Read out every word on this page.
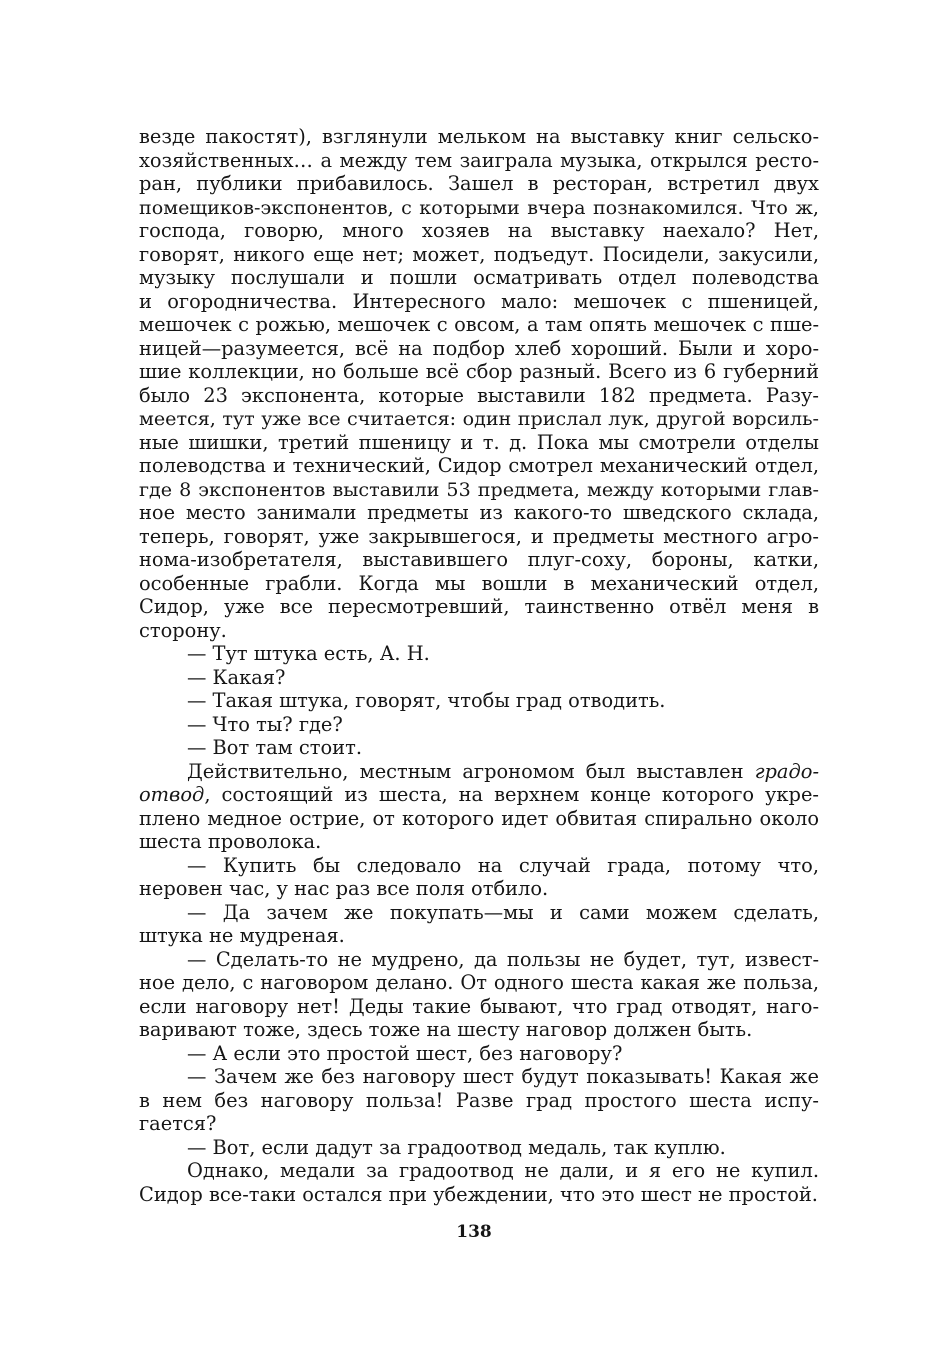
везде пакостят), взглянули мельком на выставку книг сельско-
хозяйственных… а между тем заиграла музыка, открылся ресто-
ран, публики прибавилось. Зашел в ресторан, встретил двух
помещиков-экспонентов, с которыми вчера познакомился. Что ж,
господа, говорю, много хозяев на выставку наехало? Нет,
говорят, никого еще нет; может, подъедут. Посидели, закусили,
музыку послушали и пошли осматривать отдел полеводства
и огородничества. Интересного мало: мешочек с пшеницей,
мешочек с рожью, мешочек с овсом, а там опять мешочек с пше-
ницей—разумеется, всё на подбор хлеб хороший. Были и хоро-
шие коллекции, но больше всё сбор разный. Всего из 6 губерний
было 23 экспонента, которые выставили 182 предмета. Разу-
меется, тут уже все считается: один прислал лук, другой ворсиль-
ные шишки, третий пшеницу и т. д. Пока мы смотрели отделы
полеводства и технический, Сидор смотрел механический отдел,
где 8 экспонентов выставили 53 предмета, между которыми глав-
ное место занимали предметы из какого-то шведского склада,
теперь, говорят, уже закрывшегося, и предметы местного агро-
нома-изобретателя, выставившего плуг-соху, бороны, катки,
особенные грабли. Когда мы вошли в механический отдел,
Сидор, уже все пересмотревший, таинственно отвёл меня в
сторону.
— Тут штука есть, А. Н.
— Какая?
— Такая штука, говорят, чтобы град отводить.
— Что ты? где?
— Вот там стоит.
Действительно, местным агрономом был выставлен градо-
отвод, состоящий из шеста, на верхнем конце которого укре-
плено медное острие, от которого идет обвитая спирально около
шеста проволока.
— Купить бы следовало на случай града, потому что,
неровен час, у нас раз все поля отбило.
— Да зачем же покупать—мы и сами можем сделать,
штука не мудреная.
— Сделать-то не мудрено, да пользы не будет, тут, извест-
ное дело, с наговором делано. От одного шеста какая же польза,
если наговору нет! Деды такие бывают, что град отводят, нагo-
варивают тоже, здесь тоже на шесту наговор должен быть.
— А если это простой шест, без наговору?
— Зачем же без наговору шест будут показывать! Какая же
в нем без наговору польза! Разве град простого шеста испу-
гается?
— Вот, если дадут за градоотвод медаль, так куплю.
Однако, медали за градоотвод не дали, и я его не купил.
Сидор все-таки остался при убеждении, что это шест не простой.
138
